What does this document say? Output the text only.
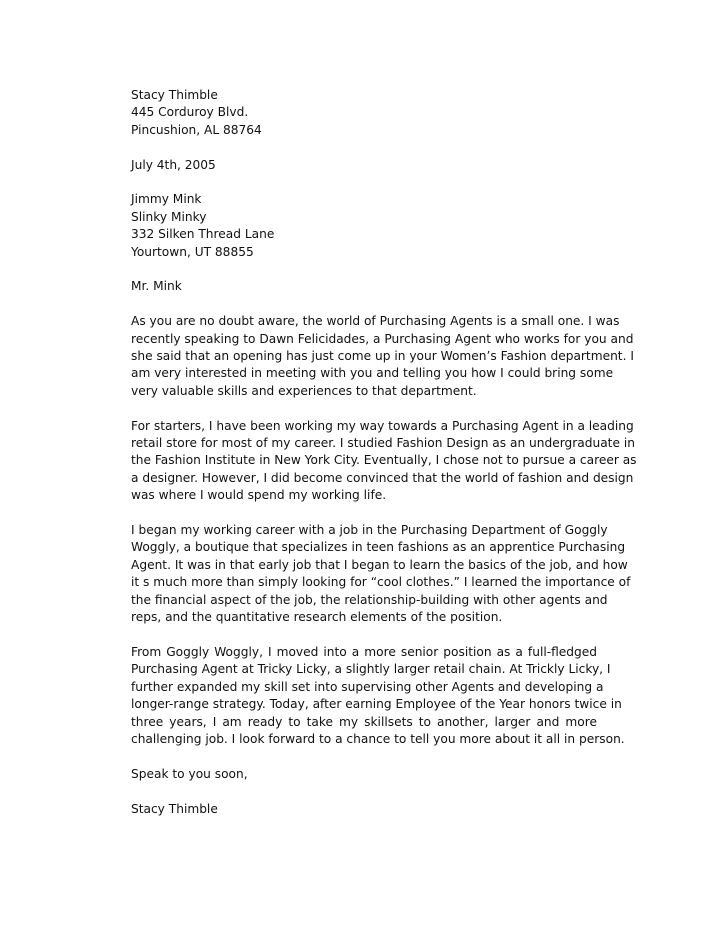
Stacy Thimble
445 Corduroy Blvd.
Pincushion, AL 88764
July 4th, 2005
Jimmy Mink
Slinky Minky
332 Silken Thread Lane
Yourtown, UT 88855
Mr. Mink
As you are no doubt aware, the world of Purchasing Agents is a small one. I was
recently speaking to Dawn Felicidades, a Purchasing Agent who works for you and
she said that an opening has just come up in your Women’s Fashion department. I
am very interested in meeting with you and telling you how I could bring some
very valuable skills and experiences to that department.
For starters, I have been working my way towards a Purchasing Agent in a leading
retail store for most of my career. I studied Fashion Design as an undergraduate in
the Fashion Institute in New York City. Eventually, I chose not to pursue a career as
a designer. However, I did become convinced that the world of fashion and design
was where I would spend my working life.
I began my working career with a job in the Purchasing Department of Goggly
Woggly, a boutique that specializes in teen fashions as an apprentice Purchasing
Agent. It was in that early job that I began to learn the basics of the job, and how
it s much more than simply looking for “cool clothes.” I learned the importance of
the financial aspect of the job, the relationship-building with other agents and
reps, and the quantitative research elements of the position.
From Goggly Woggly, I moved into a more senior position as a full-fledged
Purchasing Agent at Tricky Licky, a slightly larger retail chain. At Trickly Licky, I
further expanded my skill set into supervising other Agents and developing a
longer-range strategy. Today, after earning Employee of the Year honors twice in
three years, I am ready to take my skillsets to another, larger and more
challenging job. I look forward to a chance to tell you more about it all in person.
Speak to you soon,
Stacy Thimble
